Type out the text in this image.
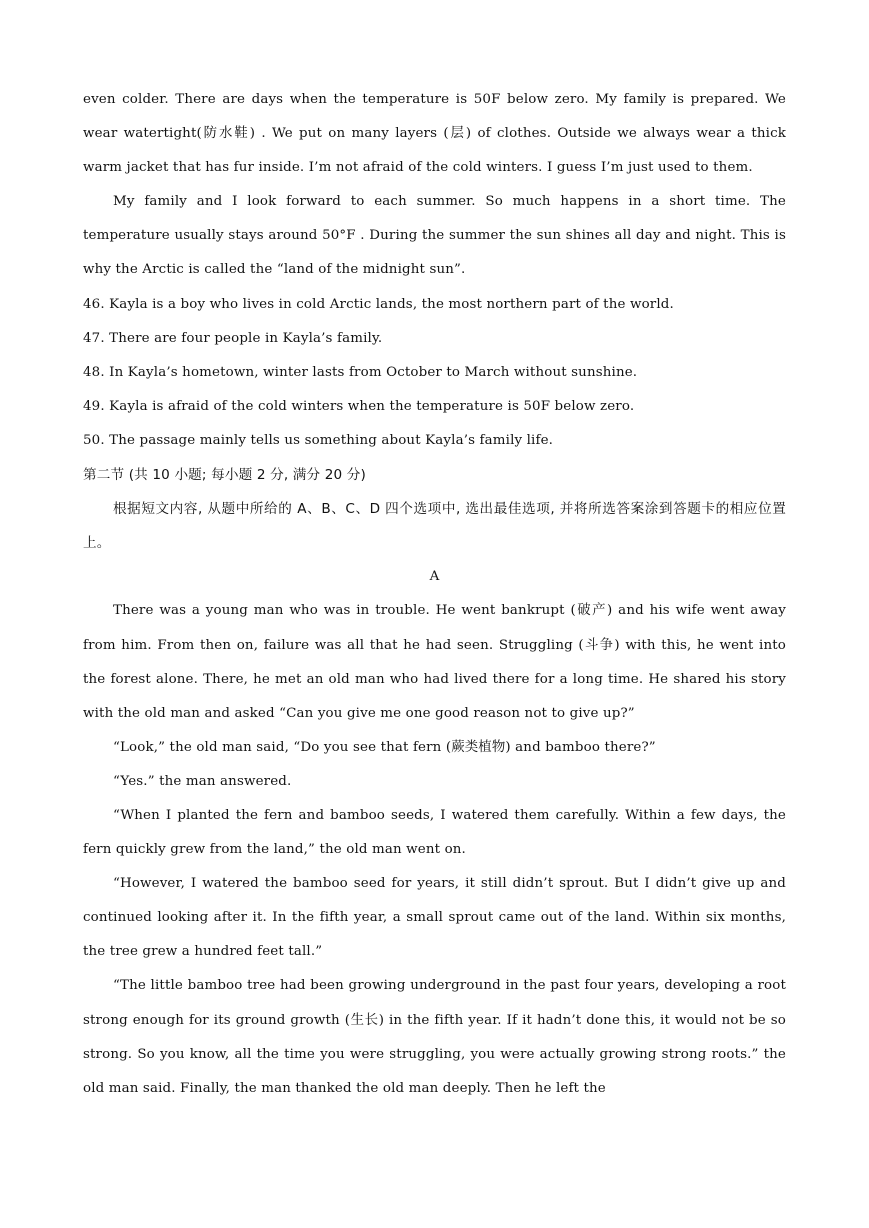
even colder. There are days when the temperature is 50F below zero. My family is prepared. We wear watertight(防水鞋) . We put on many layers (层) of clothes. Outside we always wear a thick warm jacket that has fur inside. I’m not afraid of the cold winters. I guess I’m just used to them.

My family and I look forward to each summer. So much happens in a short time. The temperature usually stays around 50°F . During the summer the sun shines all day and night. This is why the Arctic is called the “land of the midnight sun”.

46. Kayla is a boy who lives in cold Arctic lands, the most northern part of the world.

47. There are four people in Kayla’s family.

48. In Kayla’s hometown, winter lasts from October to March without sunshine.

49. Kayla is afraid of the cold winters when the temperature is 50F below zero.

50. The passage mainly tells us something about Kayla’s family life.

第二节 (共 10 小题; 每小题 2 分, 满分 20 分)

根据短文内容, 从题中所给的 A、B、C、D 四个选项中, 选出最佳选项, 并将所选答案涂到答题卡的相应位置上。

A

There was a young man who was in trouble. He went bankrupt (破产) and his wife went away from him. From then on, failure was all that he had seen. Struggling (斗争) with this, he went into the forest alone. There, he met an old man who had lived there for a long time. He shared his story with the old man and asked “Can you give me one good reason not to give up?”

“Look,” the old man said, “Do you see that fern (蕨类植物) and bamboo there?”

“Yes.” the man answered.

“When I planted the fern and bamboo seeds, I watered them carefully. Within a few days, the fern quickly grew from the land,” the old man went on.

“However, I watered the bamboo seed for years, it still didn’t sprout. But I didn’t give up and continued looking after it. In the fifth year, a small sprout came out of the land. Within six months, the tree grew a hundred feet tall.”

“The little bamboo tree had been growing underground in the past four years, developing a root strong enough for its ground growth (生长) in the fifth year. If it hadn’t done this, it would not be so strong. So you know, all the time you were struggling, you were actually growing strong roots.” the old man said. Finally, the man thanked the old man deeply. Then he left the
